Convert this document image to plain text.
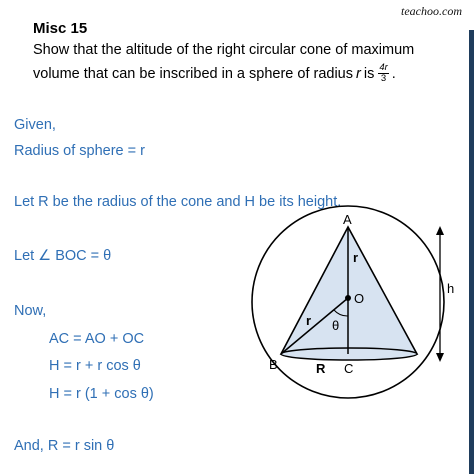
teachoo.com
Misc 15
Show that the altitude of the right circular cone of maximum
volume that can be inscribed in a sphere of radius r is $\frac{4r}{3}$ .
Given,
Radius of sphere = r
Let R be the radius of the cone and H be its height.
Let ∠ BOC = θ
Now,
AC = AO + OC
H = r + r cos θ
H = r (1 + cos θ)
And, R = r sin θ
A
r
O
r θ
B	R C
h
